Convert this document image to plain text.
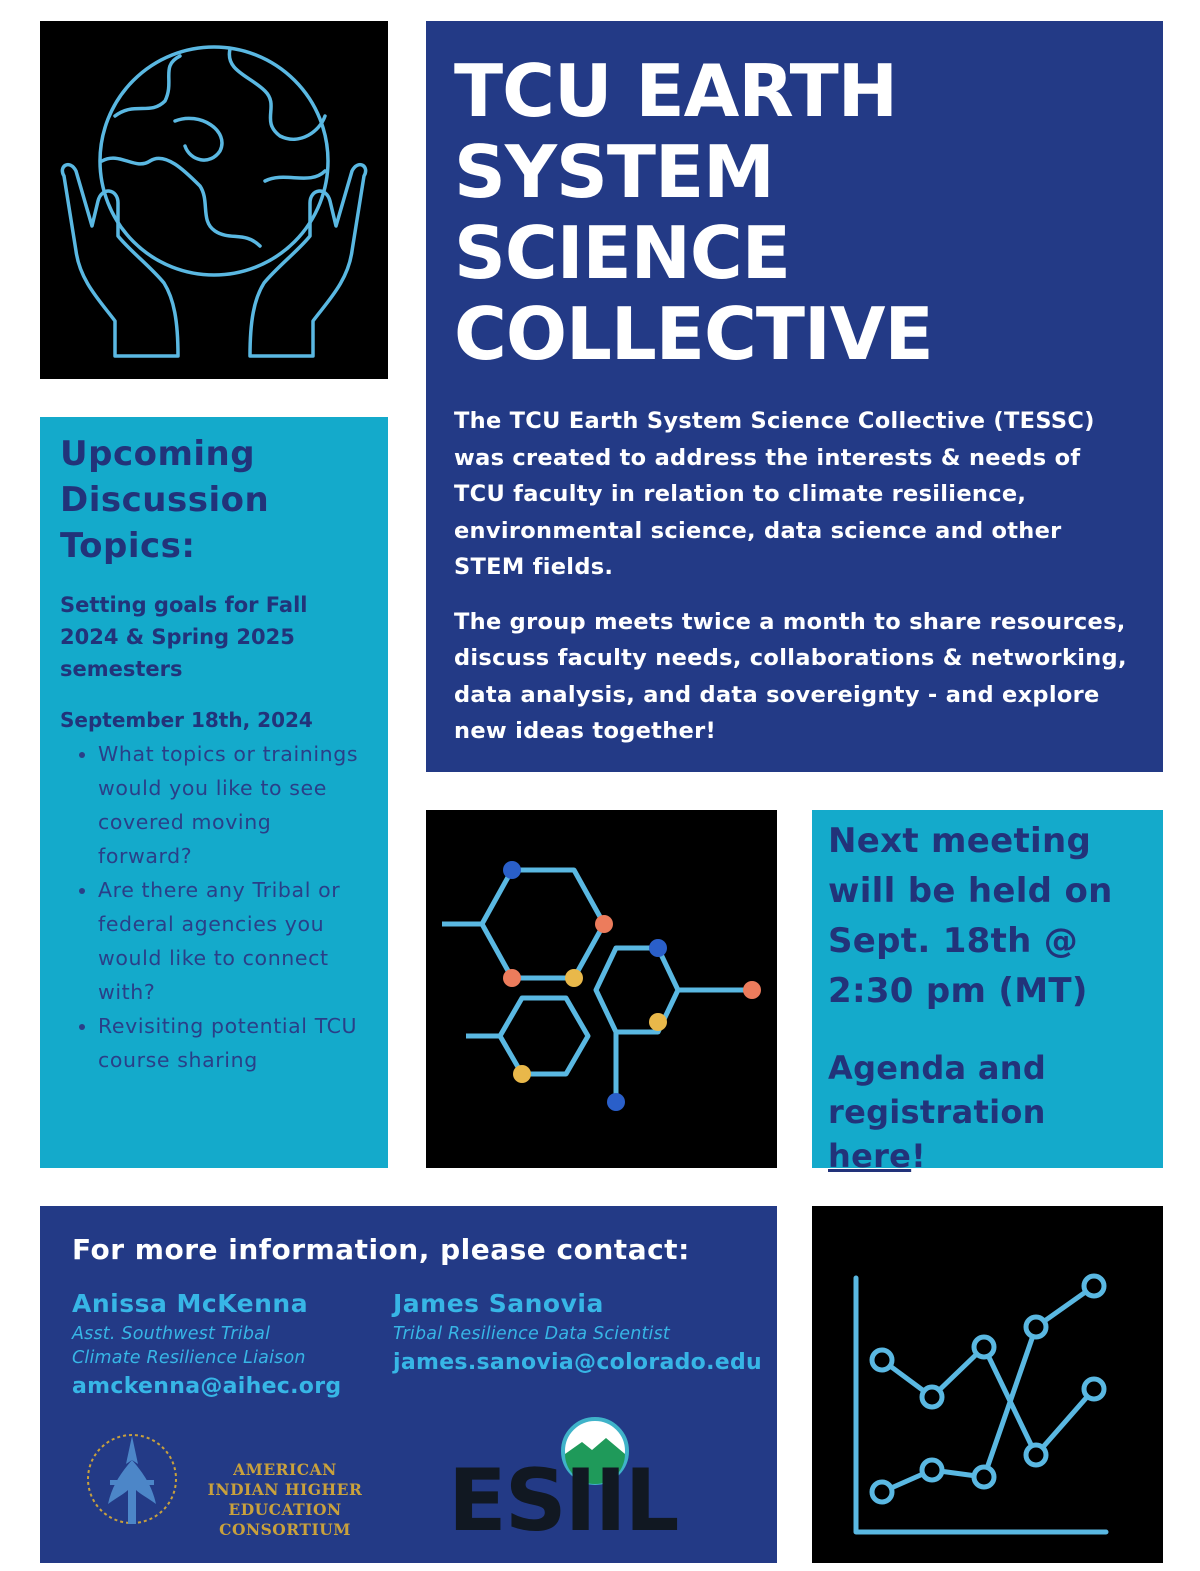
TCU EARTH SYSTEM SCIENCE COLLECTIVE

The TCU Earth System Science Collective (TESSC) was created to address the interests & needs of TCU faculty in relation to climate resilience, environmental science, data science and other STEM fields.

The group meets twice a month to share resources, discuss faculty needs, collaborations & networking, data analysis, and data sovereignty - and explore new ideas together!

Upcoming Discussion Topics:

Setting goals for Fall 2024 & Spring 2025 semesters

September 18th, 2024

• What topics or trainings would you like to see covered moving forward?
• Are there any Tribal or federal agencies you would like to connect with?
• Revisiting potential TCU course sharing

Next meeting will be held on Sept. 18th @ 2:30 pm (MT)

Agenda and registration here!

For more information, please contact:
Anissa McKenna
Asst. Southwest Tribal Climate Resilience Liaison
amckenna@aihec.org
James Sanovia
Tribal Resilience Data Scientist
james.sanovia@colorado.edu
AMERICAN INDIAN HIGHER EDUCATION CONSORTIUM ESIIL
